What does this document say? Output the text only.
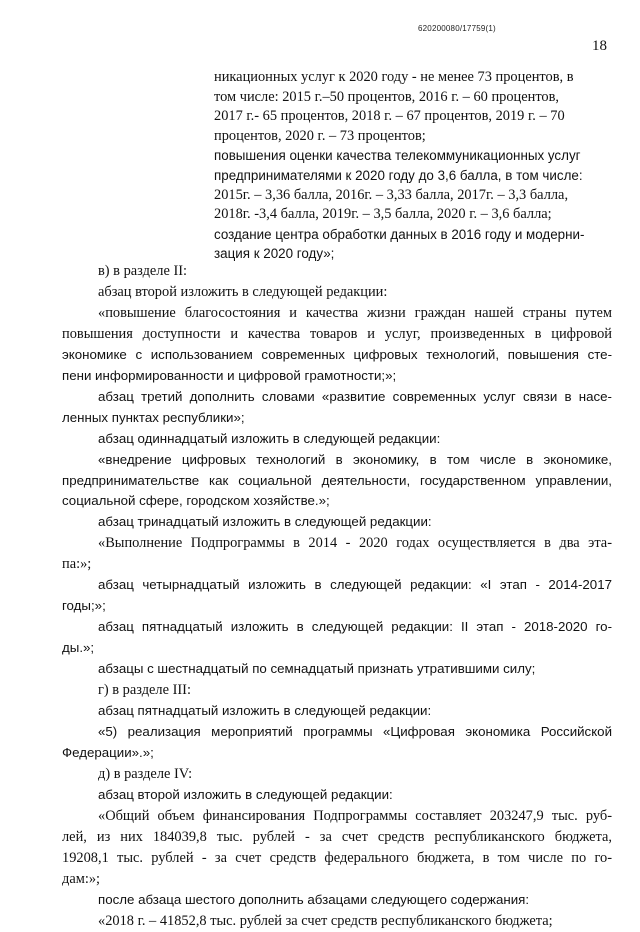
620200080/17759(1)
18
никационных услуг к 2020 году - не менее 73 процентов, в
том числе: 2015 г.–50 процентов, 2016 г. – 60 процентов,
2017 г.- 65 процентов, 2018 г. – 67 процентов, 2019 г. – 70
процентов, 2020 г. – 73 процентов;
повышения оценки качества телекоммуникационных услуг
предпринимателями к 2020 году до 3,6 балла, в том числе:
2015г. – 3,36 балла, 2016г. – 3,33 балла, 2017г. – 3,3 балла,
2018г. -3,4 балла, 2019г. – 3,5 балла, 2020 г. – 3,6 балла;
создание центра обработки данных в 2016 году и модерни-
зация к 2020 году»;
в) в разделе II:
абзац второй изложить в следующей редакции:
«повышение благосостояния и качества жизни граждан нашей страны путем
повышения доступности и качества товаров и услуг, произведенных в цифровой
экономике с использованием современных цифровых технологий, повышения сте-
пени информированности и цифровой грамотности;»;
абзац третий дополнить словами «развитие современных услуг связи в насе-
ленных пунктах республики»;
абзац одиннадцатый изложить в следующей редакции:
«внедрение цифровых технологий в экономику, в том числе в экономике,
предпринимательстве как социальной деятельности, государственном управлении,
социальной сфере, городском хозяйстве.»;
абзац тринадцатый изложить в следующей редакции:
«Выполнение Подпрограммы в 2014 - 2020 годах осуществляется в два эта-
па:»;
абзац четырнадцатый изложить в следующей редакции: «I этап - 2014-2017
годы;»;
абзац пятнадцатый изложить в следующей редакции: II этап - 2018-2020 го-
ды.»;
абзацы с шестнадцатый по семнадцатый признать утратившими силу;
г) в разделе III:
абзац пятнадцатый изложить в следующей редакции:
«5) реализация мероприятий программы «Цифровая экономика Российской
Федерации».»;
д) в разделе IV:
абзац второй изложить в следующей редакции:
«Общий объем финансирования Подпрограммы составляет 203247,9 тыс. руб-
лей, из них 184039,8 тыс. рублей - за счет средств республиканского бюджета,
19208,1 тыс. рублей - за счет средств федерального бюджета, в том числе по го-
дам:»;
после абзаца шестого дополнить абзацами следующего содержания:
«2018 г. – 41852,8 тыс. рублей за счет средств республиканского бюджета;
